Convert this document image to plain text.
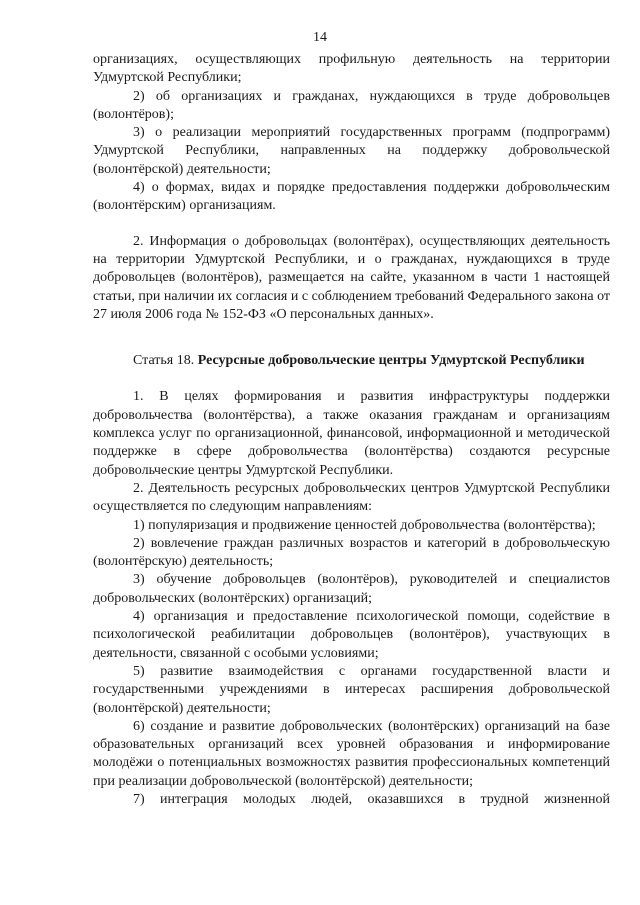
14

организациях, осуществляющих профильную деятельность на территории Удмуртской Республики;

2) об организациях и гражданах, нуждающихся в труде добровольцев (волонтёров);

3) о реализации мероприятий государственных программ (подпрограмм) Удмуртской Республики, направленных на поддержку добровольческой (волонтёрской) деятельности;

4) о формах, видах и порядке предоставления поддержки добровольческим (волонтёрским) организациям.

2. Информация о добровольцах (волонтёрах), осуществляющих деятельность на территории Удмуртской Республики, и о гражданах, нуждающихся в труде добровольцев (волонтёров), размещается на сайте, указанном в части 1 настоящей статьи, при наличии их согласия и с соблюдением требований Федерального закона от 27 июля 2006 года № 152-ФЗ «О персональных данных».

Статья 18. Ресурсные добровольческие центры Удмуртской Республики

1. В целях формирования и развития инфраструктуры поддержки добровольчества (волонтёрства), а также оказания гражданам и организациям комплекса услуг по организационной, финансовой, информационной и методической поддержке в сфере добровольчества (волонтёрства) создаются ресурсные добровольческие центры Удмуртской Республики.

2. Деятельность ресурсных добровольческих центров Удмуртской Республики осуществляется по следующим направлениям:

1) популяризация и продвижение ценностей добровольчества (волонтёрства);

2) вовлечение граждан различных возрастов и категорий в добровольческую (волонтёрскую) деятельность;

3) обучение добровольцев (волонтёров), руководителей и специалистов добровольческих (волонтёрских) организаций;

4) организация и предоставление психологической помощи, содействие в психологической реабилитации добровольцев (волонтёров), участвующих в деятельности, связанной с особыми условиями;

5) развитие взаимодействия с органами государственной власти и государственными учреждениями в интересах расширения добровольческой (волонтёрской) деятельности;

6) создание и развитие добровольческих (волонтёрских) организаций на базе образовательных организаций всех уровней образования и информирование молодёжи о потенциальных возможностях развития профессиональных компетенций при реализации добровольческой (волонтёрской) деятельности;

7) интеграция молодых людей, оказавшихся в трудной жизненной
